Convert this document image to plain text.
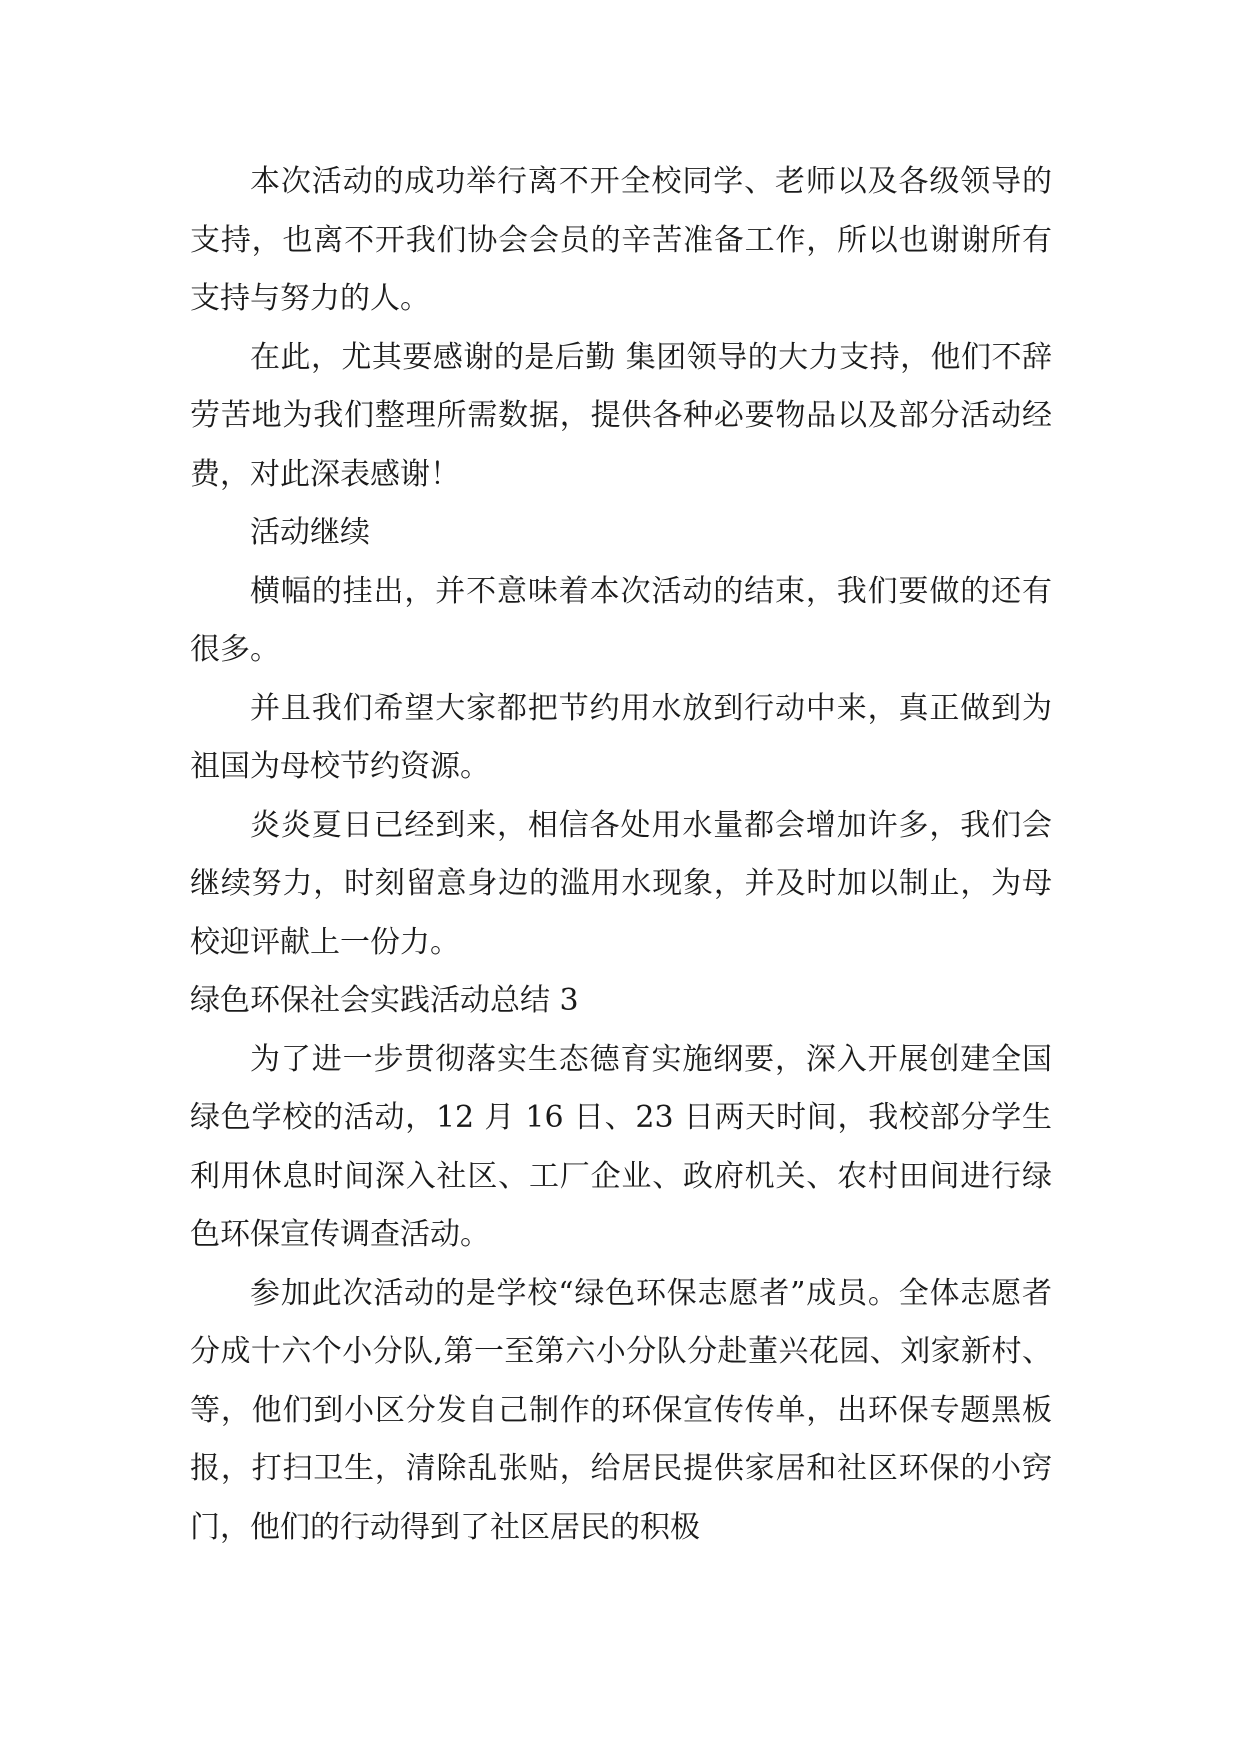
本次活动的成功举行离不开全校同学、老师以及各级领导的支持，也离不开我们协会会员的辛苦准备工作，所以也谢谢所有支持与努力的人。

在此，尤其要感谢的是后勤 集团领导的大力支持，他们不辞劳苦地为我们整理所需数据，提供各种必要物品以及部分活动经费，对此深表感谢！

活动继续

横幅的挂出，并不意味着本次活动的结束，我们要做的还有很多。

并且我们希望大家都把节约用水放到行动中来，真正做到为祖国为母校节约资源。

炎炎夏日已经到来，相信各处用水量都会增加许多，我们会继续努力，时刻留意身边的滥用水现象，并及时加以制止，为母校迎评献上一份力。

绿色环保社会实践活动总结 3

为了进一步贯彻落实生态德育实施纲要，深入开展创建全国绿色学校的活动，12 月 16 日、23 日两天时间，我校部分学生利用休息时间深入社区、工厂企业、政府机关、农村田间进行绿色环保宣传调查活动。

参加此次活动的是学校“绿色环保志愿者”成员。全体志愿者分成十六个小分队,第一至第六小分队分赴董兴花园、刘家新村、等，他们到小区分发自己制作的环保宣传传单，出环保专题黑板报，打扫卫生，清除乱张贴，给居民提供家居和社区环保的小窍门，他们的行动得到了社区居民的积极
